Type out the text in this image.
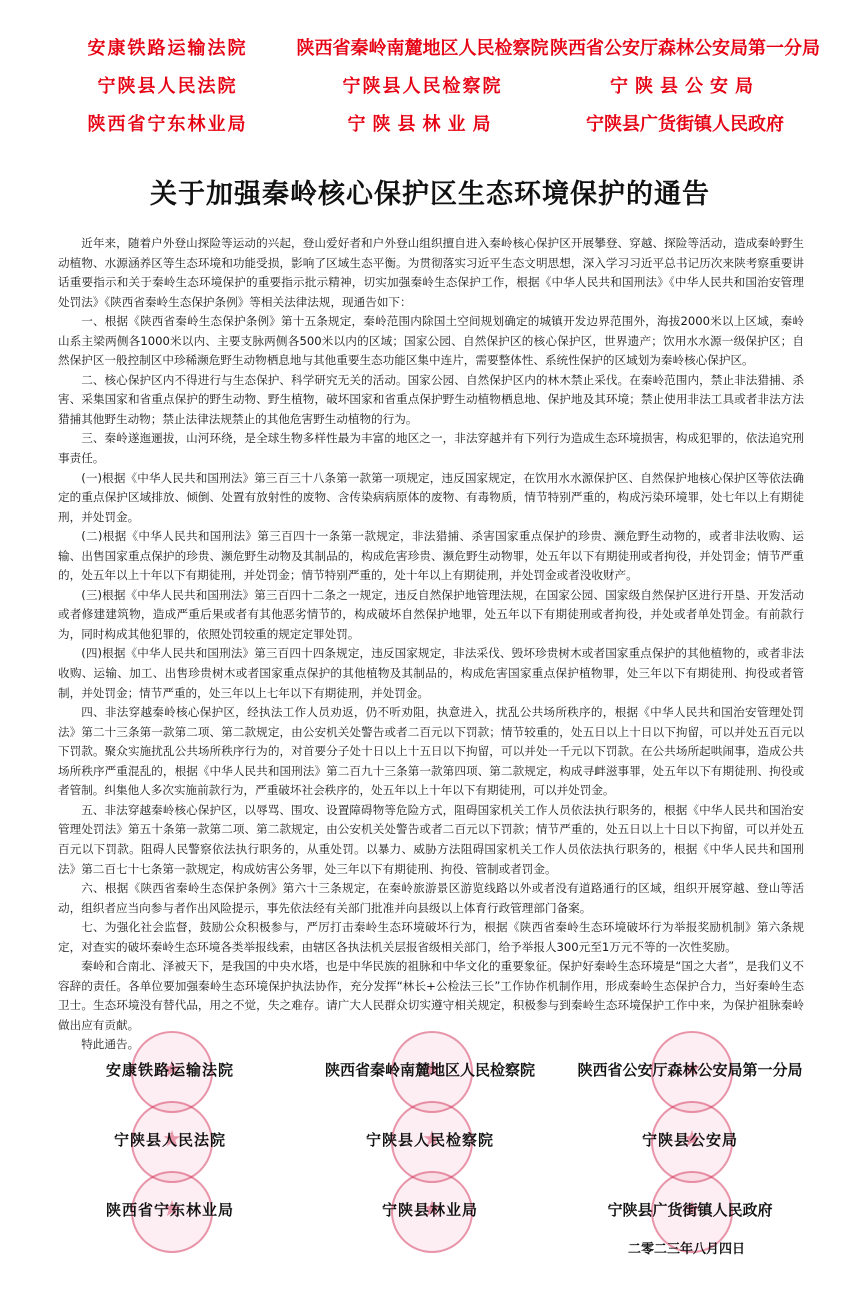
安康铁路运输法院	陕西省秦岭南麓地区人民检察院 陕西省公安厅森林公安局第一分局
宁陕县人民法院	宁陕县人民检察院	宁陕县公安局
陕西省宁东林业局	宁陕县林业局	宁陕县广货街镇人民政府
关于加强秦岭核心保护区生态环境保护的通告

近年来，随着户外登山探险等运动的兴起，登山爱好者和户外登山组织擅自进入秦岭核心保护区开展攀登、穿越、探险等活动，造成秦岭野生动植物、水源涵养区等生态环境和功能受损，影响了区域生态平衡。为贯彻落实习近平生态文明思想，深入学习习近平总书记历次来陕考察重要讲话重要指示和关于秦岭生态环境保护的重要指示批示精神，切实加强秦岭生态保护工作，根据《中华人民共和国刑法》《中华人民共和国治安管理处罚法》《陕西省秦岭生态保护条例》等相关法律法规，现通告如下：

一、根据《陕西省秦岭生态保护条例》第十五条规定，秦岭范围内除国土空间规划确定的城镇开发边界范围外，海拔2000米以上区域，秦岭山系主梁两侧各1000米以内、主要支脉两侧各500米以内的区域；国家公园、自然保护区的核心保护区，世界遗产；饮用水水源一级保护区；自然保护区一般控制区中珍稀濒危野生动物栖息地与其他重要生态功能区集中连片，需要整体性、系统性保护的区域划为秦岭核心保护区。

二、核心保护区内不得进行与生态保护、科学研究无关的活动。国家公园、自然保护区内的林木禁止采伐。在秦岭范围内，禁止非法猎捕、杀害、采集国家和省重点保护的野生动物、野生植物，破坏国家和省重点保护野生动植物栖息地、保护地及其环境；禁止使用非法工具或者非法方法猎捕其他野生动物；禁止法律法规禁止的其他危害野生动植物的行为。

三、秦岭遂迤逦拔，山河环绕，是全球生物多样性最为丰富的地区之一，非法穿越并有下列行为造成生态环境损害，构成犯罪的，依法追究刑事责任。

(一)根据《中华人民共和国刑法》第三百三十八条第一款第一项规定，违反国家规定，在饮用水水源保护区、自然保护地核心保护区等依法确定的重点保护区域排放、倾倒、处置有放射性的废物、含传染病病原体的废物、有毒物质，情节特别严重的，构成污染环境罪，处七年以上有期徒刑，并处罚金。

(二)根据《中华人民共和国刑法》第三百四十一条第一款规定，非法猎捕、杀害国家重点保护的珍贵、濒危野生动物的，或者非法收购、运输、出售国家重点保护的珍贵、濒危野生动物及其制品的，构成危害珍贵、濒危野生动物罪，处五年以下有期徒刑或者拘役，并处罚金；情节严重的，处五年以上十年以下有期徒刑，并处罚金；情节特别严重的，处十年以上有期徒刑，并处罚金或者没收财产。

(三)根据《中华人民共和国刑法》第三百四十二条之一规定，违反自然保护地管理法规，在国家公园、国家级自然保护区进行开垦、开发活动或者修建建筑物，造成严重后果或者有其他恶劣情节的，构成破坏自然保护地罪，处五年以下有期徒刑或者拘役，并处或者单处罚金。有前款行为，同时构成其他犯罪的，依照处罚较重的规定定罪处罚。

(四)根据《中华人民共和国刑法》第三百四十四条规定，违反国家规定，非法采伐、毁坏珍贵树木或者国家重点保护的其他植物的，或者非法收购、运输、加工、出售珍贵树木或者国家重点保护的其他植物及其制品的，构成危害国家重点保护植物罪，处三年以下有期徒刑、拘役或者管制，并处罚金；情节严重的，处三年以上七年以下有期徒刑，并处罚金。

四、非法穿越秦岭核心保护区，经执法工作人员劝返，仍不听劝阻，执意进入，扰乱公共场所秩序的，根据《中华人民共和国治安管理处罚法》第二十三条第一款第二项、第二款规定，由公安机关处警告或者二百元以下罚款；情节较重的，处五日以上十日以下拘留，可以并处五百元以下罚款。聚众实施扰乱公共场所秩序行为的，对首要分子处十日以上十五日以下拘留，可以并处一千元以下罚款。在公共场所起哄闹事，造成公共场所秩序严重混乱的，根据《中华人民共和国刑法》第二百九十三条第一款第四项、第二款规定，构成寻衅滋事罪，处五年以下有期徒刑、拘役或者管制。纠集他人多次实施前款行为，严重破坏社会秩序的，处五年以上十年以下有期徒刑，可以并处罚金。

五、非法穿越秦岭核心保护区，以辱骂、围攻、设置障碍物等危险方式，阻碍国家机关工作人员依法执行职务的，根据《中华人民共和国治安管理处罚法》第五十条第一款第二项、第二款规定，由公安机关处警告或者二百元以下罚款；情节严重的，处五日以上十日以下拘留，可以并处五百元以下罚款。阻碍人民警察依法执行职务的，从重处罚。以暴力、威胁方法阻碍国家机关工作人员依法执行职务的，根据《中华人民共和国刑法》第二百七十七条第一款规定，构成妨害公务罪，处三年以下有期徒刑、拘役、管制或者罚金。

六、根据《陕西省秦岭生态保护条例》第六十三条规定，在秦岭旅游景区游览线路以外或者没有道路通行的区域，组织开展穿越、登山等活动，组织者应当向参与者作出风险提示，事先依法经有关部门批准并向县级以上体育行政管理部门备案。

七、为强化社会监督，鼓励公众积极参与，严厉打击秦岭生态环境破坏行为，根据《陕西省秦岭生态环境破坏行为举报奖励机制》第六条规定，对查实的破坏秦岭生态环境各类举报线索，由辖区各执法机关层报省级相关部门，给予举报人300元至1万元不等的一次性奖励。

秦岭和合南北、泽被天下，是我国的中央水塔，也是中华民族的祖脉和中华文化的重要象征。保护好秦岭生态环境是“国之大者”，是我们义不容辞的责任。各单位要加强秦岭生态环境保护执法协作，充分发挥“林长+公检法三长”工作协作机制作用，形成秦岭生态保护合力，当好秦岭生态卫士。生态环境没有替代品，用之不觉，失之难存。请广大人民群众切实遵守相关规定，积极参与到秦岭生态环境保护工作中来，为保护祖脉秦岭做出应有贡献。

特此通告。

★
安康铁路运输法院 ★	陕西省秦岭南麓地区人民检察院 ★	陕西省公安厅森林公安局第一分局
★
宁陕县人民法院 ★	宁陕县人民检察院 ★	宁陕县公安局
★
陕西省宁东林业局 ★	宁陕县林业局 ★	宁陕县广货街镇人民政府
二零二三年八月四日
